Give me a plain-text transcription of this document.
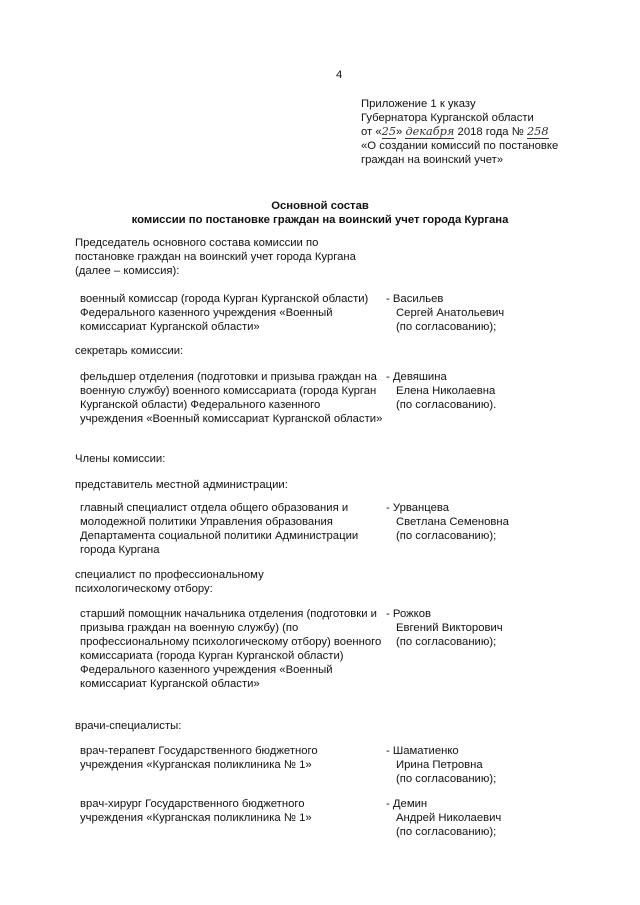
4
Приложение 1 к указу
Губернатора Курганской области
от «25» декабря 2018 года № 258
«О создании комиссий по постановке
граждан на воинский учет»
Основной состав
комиссии по постановке граждан на воинский учет города Кургана
Председатель основного состава комиссии по постановке граждан на воинский учет города Кургана (далее – комиссия):
военный комиссар (города Курган Курганской области) Федерального казенного учреждения «Военный комиссариат Курганской области»
- Васильев
Сергей Анатольевич
(по согласованию);
секретарь комиссии:
фельдшер отделения (подготовки и призыва граждан на военную службу) военного комиссариата (города Курган Курганской области) Федерального казенного учреждения «Военный комиссариат Курганской области»
- Девяшина
Елена Николаевна
(по согласованию).
Члены комиссии:
представитель местной администрации:
главный специалист отдела общего образования и молодежной политики Управления образования Департамента социальной политики Администрации города Кургана
- Урванцева
Светлана Семеновна
(по согласованию);
специалист по профессиональному психологическому отбору:
старший помощник начальника отделения (подготовки и призыва граждан на военную службу) (по профессиональному психологическому отбору) военного комиссариата (города Курган Курганской области) Федерального казенного учреждения «Военный комиссариат Курганской области»
- Рожков
Евгений Викторович
(по согласованию);
врачи-специалисты:
врач-терапевт Государственного бюджетного учреждения «Курганская поликлиника № 1»
- Шаматиенко
Ирина Петровна
(по согласованию);
врач-хирург Государственного бюджетного учреждения «Курганская поликлиника № 1»
- Демин
Андрей Николаевич
(по согласованию);
